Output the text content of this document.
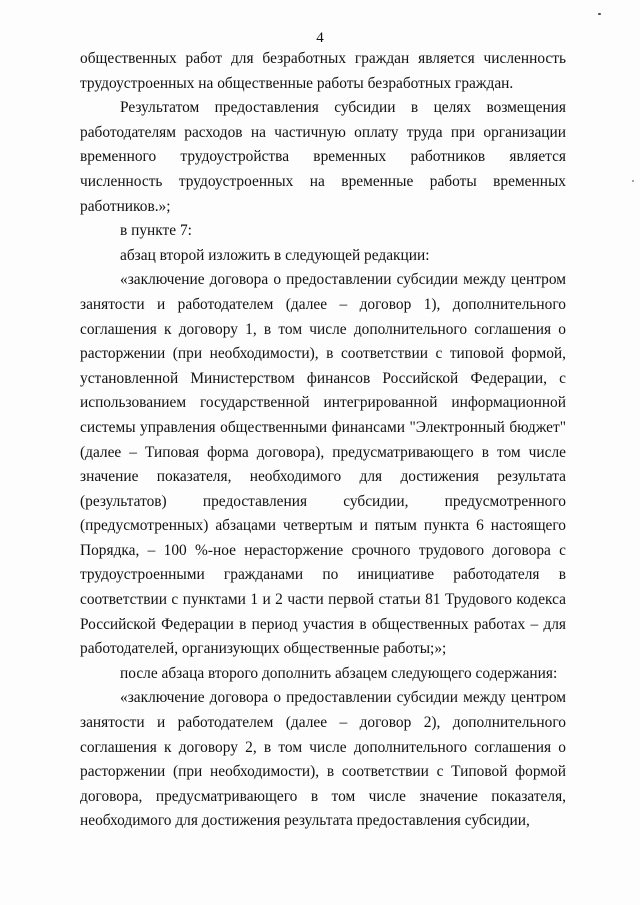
4

общественных работ для безработных граждан является численность трудоустроенных на общественные работы безработных граждан.

Результатом предоставления субсидии в целях возмещения работодателям расходов на частичную оплату труда при организации временного трудоустройства временных работников является численность трудоустроенных на временные работы временных работников.»;

в пункте 7:

абзац второй изложить в следующей редакции:

«заключение договора о предоставлении субсидии между центром занятости и работодателем (далее – договор 1), дополнительного соглашения к договору 1, в том числе дополнительного соглашения о расторжении (при необходимости), в соответствии с типовой формой, установленной Министерством финансов Российской Федерации, с использованием государственной интегрированной информационной системы управления общественными финансами "Электронный бюджет" (далее – Типовая форма договора), предусматривающего в том числе значение показателя, необходимого для достижения результата (результатов) предоставления субсидии, предусмотренного (предусмотренных) абзацами четвертым и пятым пункта 6 настоящего Порядка, – 100 %-ное нерасторжение срочного трудового договора с трудоустроенными гражданами по инициативе работодателя в соответствии с пунктами 1 и 2 части первой статьи 81 Трудового кодекса Российской Федерации в период участия в общественных работах – для работодателей, организующих общественные работы;»;

после абзаца второго дополнить абзацем следующего содержания:

«заключение договора о предоставлении субсидии между центром занятости и работодателем (далее – договор 2), дополнительного соглашения к договору 2, в том числе дополнительного соглашения о расторжении (при необходимости), в соответствии с Типовой формой договора, предусматривающего в том числе значение показателя, необходимого для достижения результата предоставления субсидии,
